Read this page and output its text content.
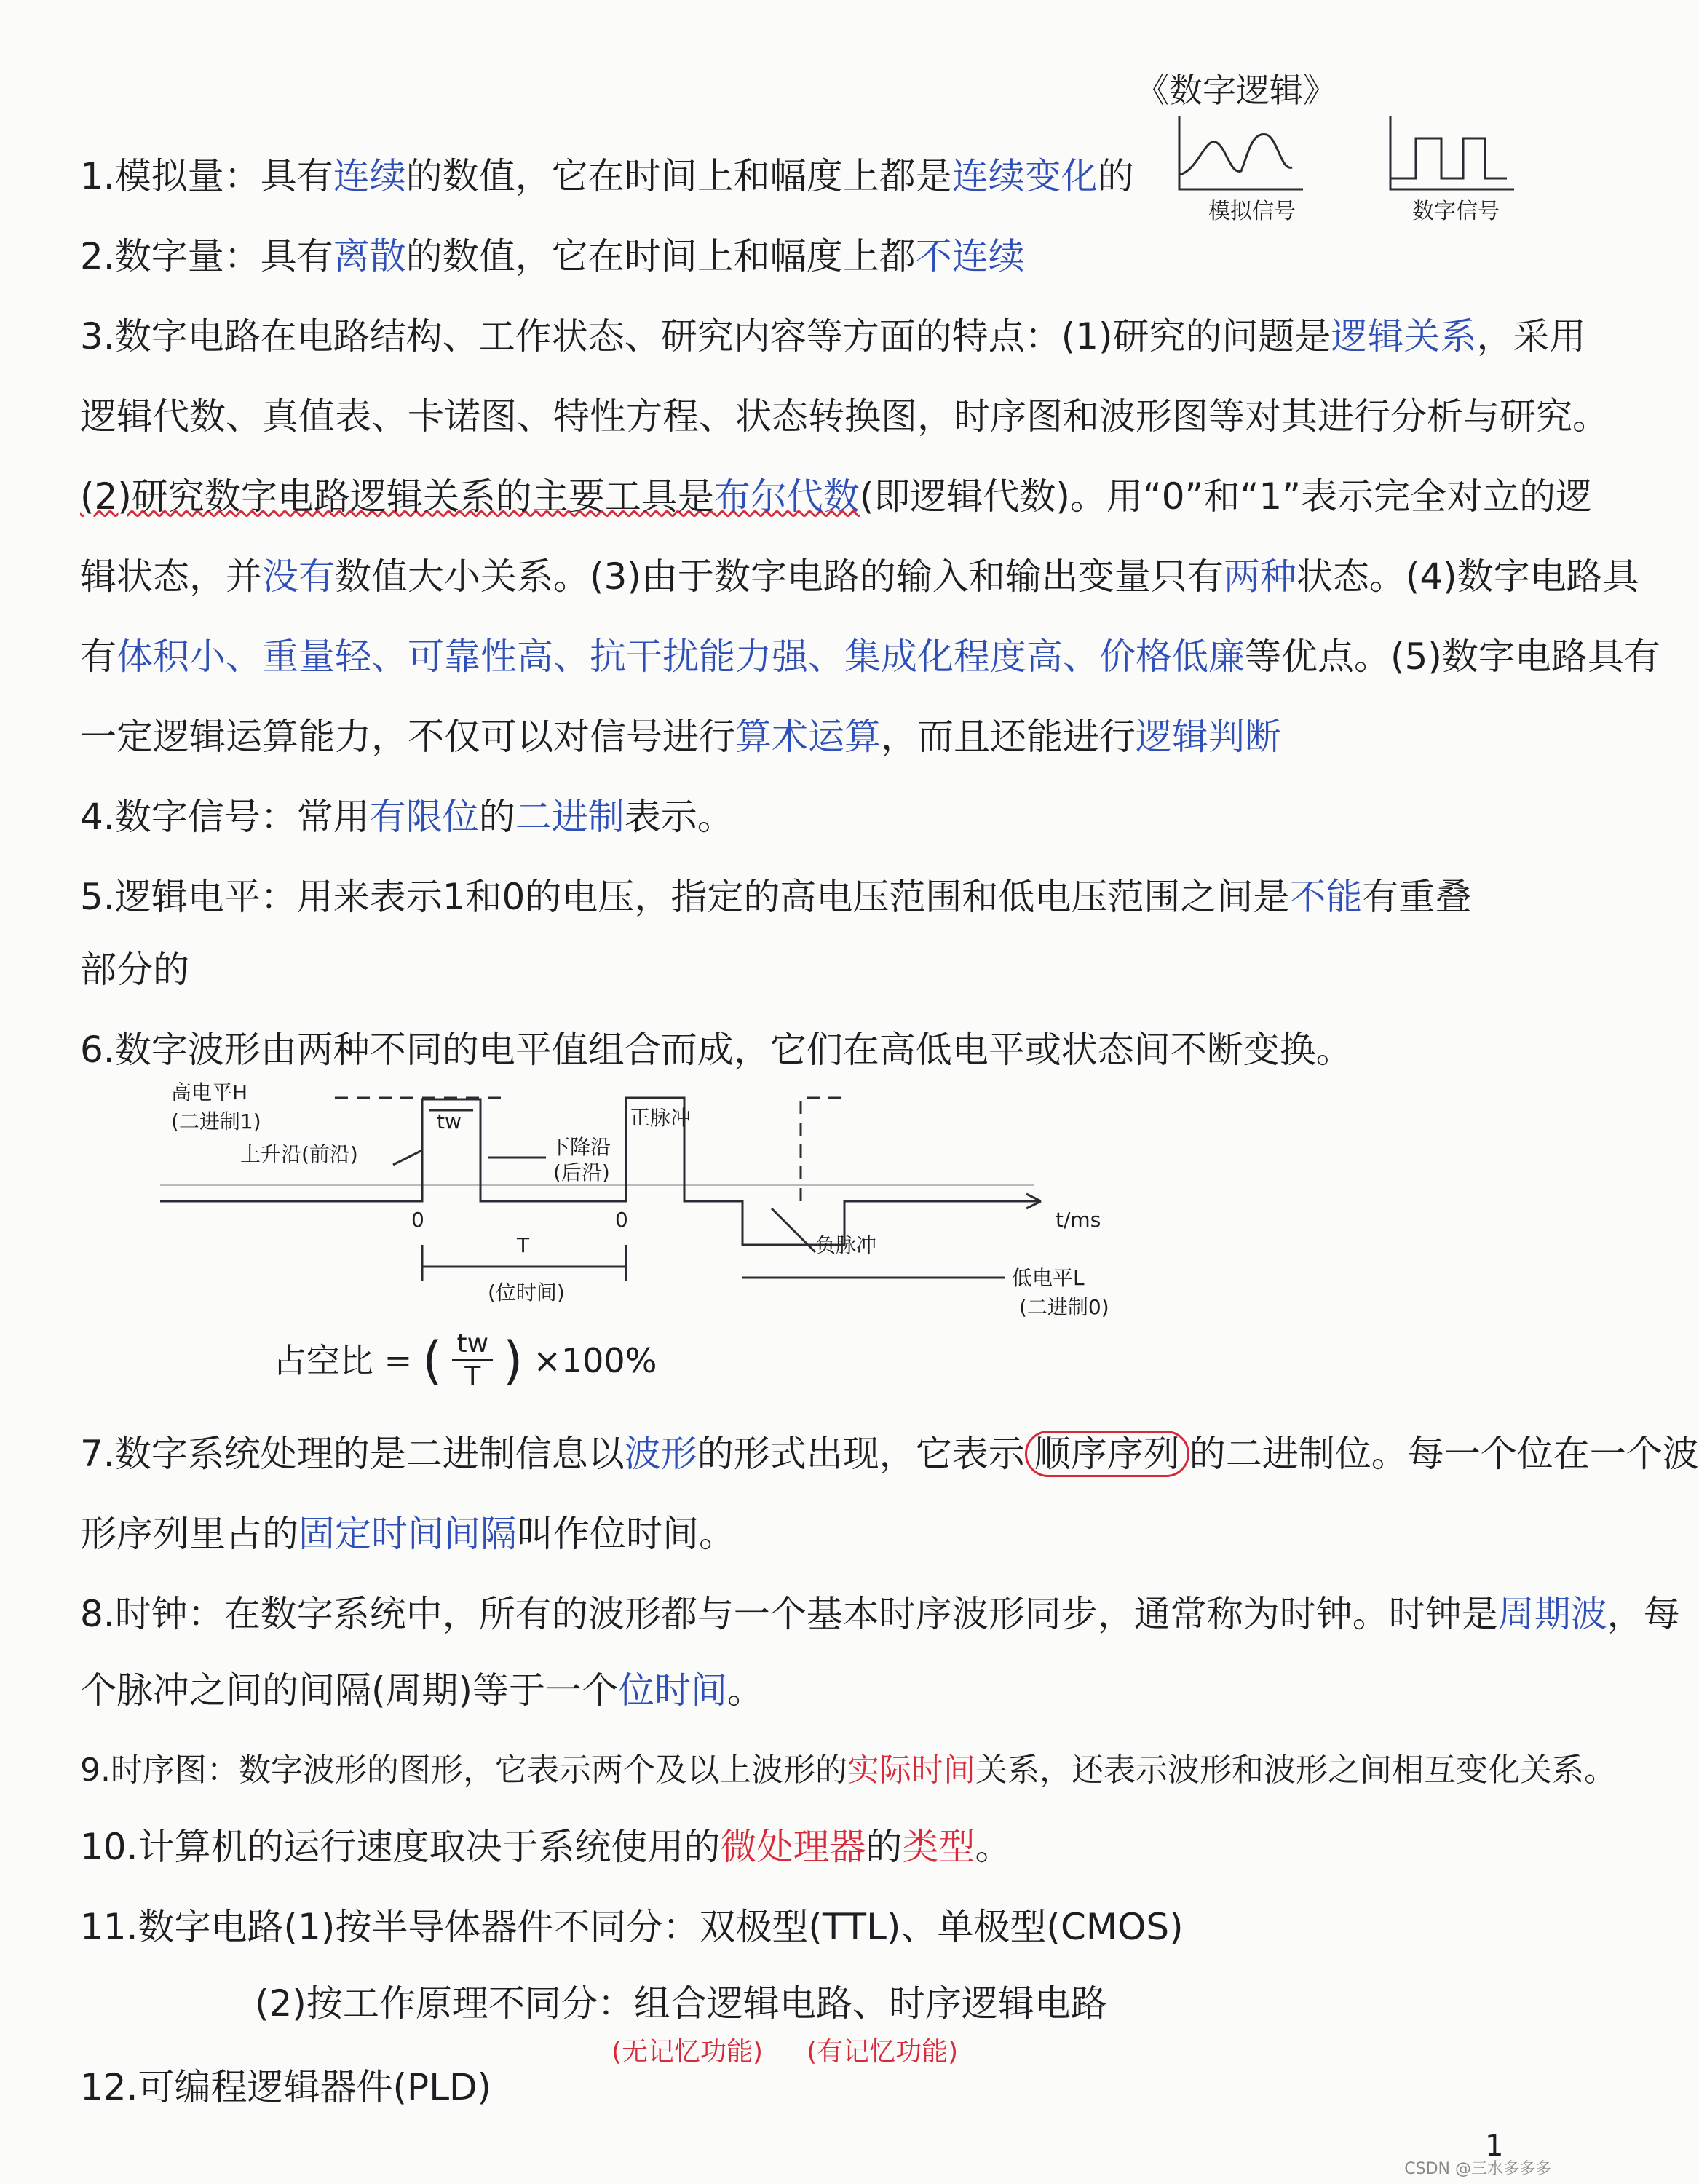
《数字逻辑》
模拟信号	数字信号
1.模拟量：具有连续的数值，它在时间上和幅度上都是连续变化的
2.数字量：具有离散的数值，它在时间上和幅度上都不连续
3.数字电路在电路结构、工作状态、研究内容等方面的特点：(1)研究的问题是逻辑关系，采用
逻辑代数、真值表、卡诺图、特性方程、状态转换图，时序图和波形图等对其进行分析与研究。
(2)研究数字电路逻辑关系的主要工具是布尔代数(即逻辑代数)。用“0”和“1”表示完全对立的逻
辑状态，并没有数值大小关系。(3)由于数字电路的输入和输出变量只有两种状态。(4)数字电路具
有体积小、重量轻、可靠性高、抗干扰能力强、集成化程度高、价格低廉等优点。(5)数字电路具有
一定逻辑运算能力，不仅可以对信号进行算术运算，而且还能进行逻辑判断
4.数字信号：常用有限位的二进制表示。
5.逻辑电平：用来表示1和0的电压，指定的高电压范围和低电压范围之间是不能有重叠
部分的
6.数字波形由两种不同的电平值组合而成，它们在高低电平或状态间不断变换。
高电平H
(二进制1)
上升沿(前沿)	下降沿
(后沿)
tw	正脉冲
负脉冲
t/ms
T
(位时间)
低电平L
(二进制0)
0	0
占空比 = ( $\frac{tw}{T}$ ) ×100%
7.数字系统处理的是二进制信息以波形的形式出现，它表示 顺序序列 的二进制位。每一个位在一个波
形序列里占的固定时间间隔叫作位时间。
8.时钟：在数字系统中，所有的波形都与一个基本时序波形同步，通常称为时钟。时钟是周期波，每
个脉冲之间的间隔(周期)等于一个位时间。
9.时序图：数字波形的图形，它表示两个及以上波形的实际时间关系，还表示波形和波形之间相互变化关系。
10.计算机的运行速度取决于系统使用的微处理器的类型。
11.数字电路(1)按半导体器件不同分：双极型(TTL)、单极型(CMOS)
(2)按工作原理不同分：组合逻辑电路、时序逻辑电路
(无记忆功能) (有记忆功能)
12.可编程逻辑器件(PLD)
1
CSDN @三水多多多
